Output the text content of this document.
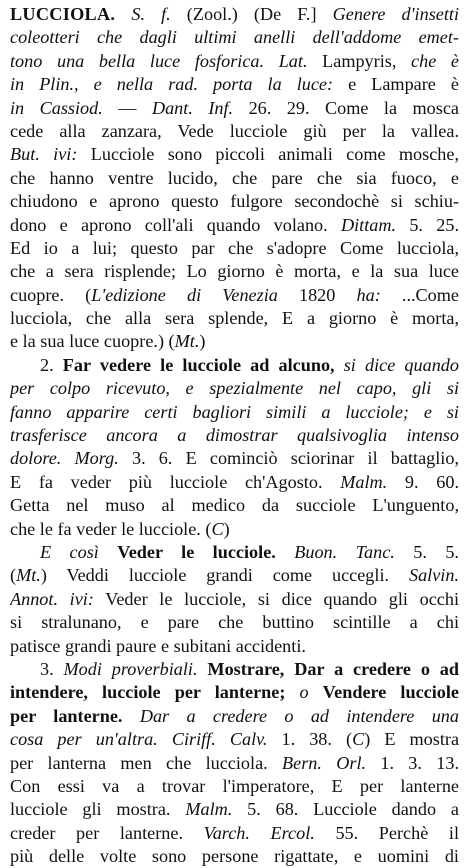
LUCCIOLA. S. f. (Zool.) (De F.] Genere d'insetti
coleotteri che dagli ultimi anelli dell'addome emet-
tono una bella luce fosforica. Lat. Lampyris, che è
in Plin., e nella rad. porta la luce: e Lampare è
in Cassiod. — Dant. Inf. 26. 29. Come la mosca
cede alla zanzara, Vede lucciole giù per la vallea.
But. ivi: Lucciole sono piccoli animali come mosche,
che hanno ventre lucido, che pare che sia fuoco, e
chiudono e aprono questo fulgore secondochè si schiu-
dono e aprono coll'ali quando volano. Dittam. 5. 25.
Ed io a lui; questo par che s'adopre Come lucciola,
che a sera risplende; Lo giorno è morta, e la sua luce
cuopre. (L'edizione di Venezia 1820 ha: ...Come
lucciola, che alla sera splende, E a giorno è morta,
e la sua luce cuopre.) (Mt.)
2. Far vedere le lucciole ad alcuno, si dice quando
per colpo ricevuto, e spezialmente nel capo, gli si
fanno apparire certi bagliori simili a lucciole; e si
trasferisce ancora a dimostrar qualsivoglia intenso
dolore. Morg. 3. 6. E cominciò sciorinar il battaglio,
E fa veder più lucciole ch'Agosto. Malm. 9. 60.
Getta nel muso al medico da succiole L'unguento,
che le fa veder le lucciole. (C)
E così Veder le lucciole. Buon. Tanc. 5. 5.
(Mt.) Veddi lucciole grandi come uccegli. Salvin.
Annot. ivi: Veder le lucciole, si dice quando gli occhi
si stralunano, e pare che buttino scintille a chi
patisce grandi paure e subitani accidenti.
3. Modi proverbiali. Mostrare, Dar a credere o ad
intendere, lucciole per lanterne; o Vendere lucciole
per lanterne. Dar a credere o ad intendere una
cosa per un'altra. Ciriff. Calv. 1. 38. (C) E mostra
per lanterna men che lucciola. Bern. Orl. 1. 3. 13.
Con essi va a trovar l'imperatore, E per lanterne
lucciole gli mostra. Malm. 5. 68. Lucciole dando a
creder per lanterne. Varch. Ercol. 55. Perchè il
più delle volte sono persone rigattate, e uomini di
